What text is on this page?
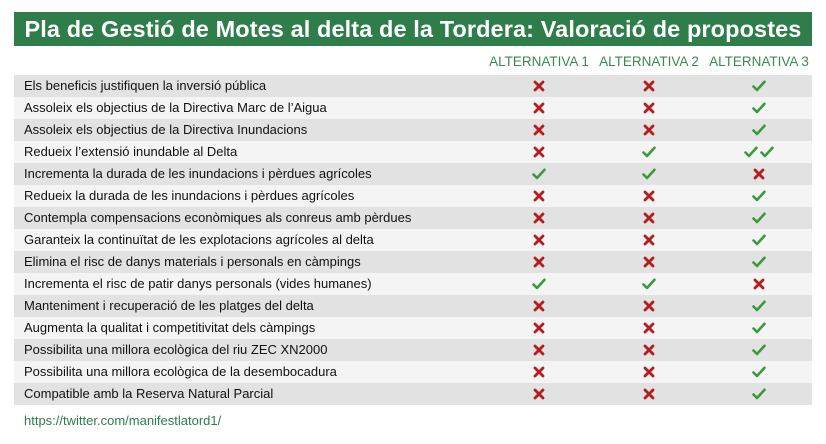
Pla de Gestió de Motes al delta de la Tordera: Valoració de propostes
ALTERNATIVA 1 ALTERNATIVA 2 ALTERNATIVA 3
Els beneficis justifiquen la inversió pública
Assoleix els objectius de la Directiva Marc de l’Aigua
Assoleix els objectius de la Directiva Inundacions
Redueix l’extensió inundable al Delta
Incrementa la durada de les inundacions i pèrdues agrícoles
Redueix la durada de les inundacions i pèrdues agrícoles
Contempla compensacions econòmiques als conreus amb pèrdues
Garanteix la continuïtat de les explotacions agrícoles al delta
Elimina el risc de danys materials i personals en càmpings
Incrementa el risc de patir danys personals (vides humanes)
Manteniment i recuperació de les platges del delta
Augmenta la qualitat i competitivitat dels càmpings
Possibilita una millora ecològica del riu ZEC XN2000
Possibilita una millora ecològica de la desembocadura
Compatible amb la Reserva Natural Parcial
https://twitter.com/manifestlatord1/
